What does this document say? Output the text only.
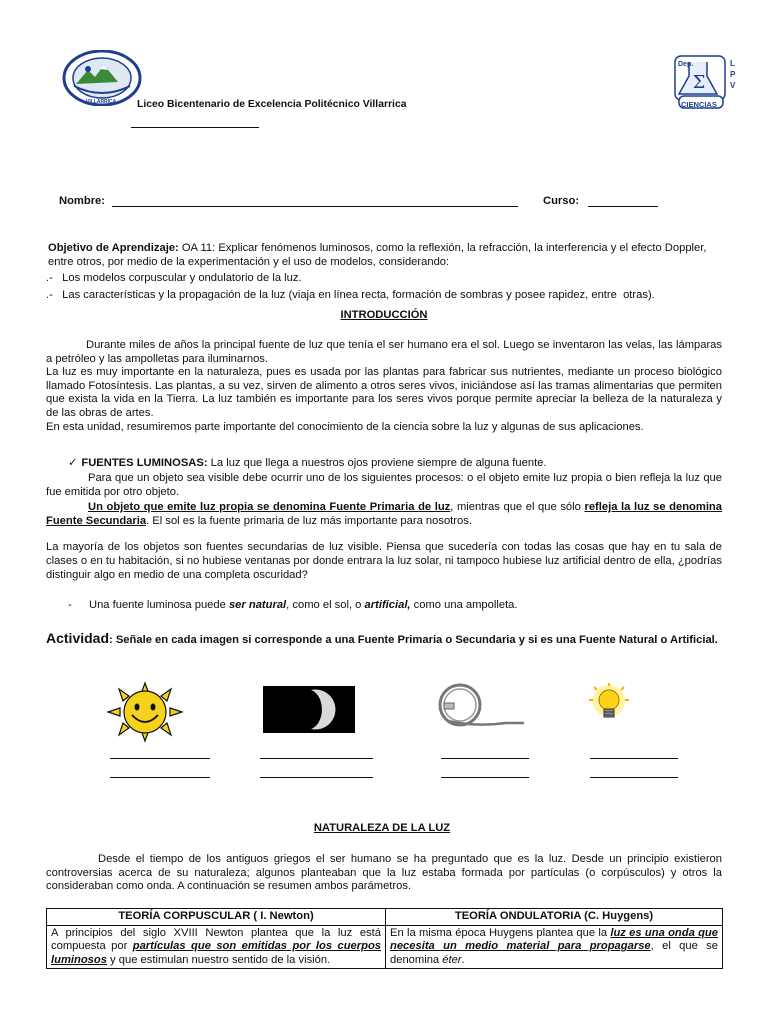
VILLARRICA Liceo Bicentenario de Excelencia Politécnico Villarrica
Σ
Dep.	LPV
CIENCIAS
Nombre:	Curso:
Objetivo de Aprendizaje: OA 11: Explicar fenómenos luminosos, como la reflexión, la refracción, la interferencia y el efecto Doppler, entre otros, por medio de la experimentación y el uso de modelos, considerando:
.-   Los modelos corpuscular y ondulatorio de la luz.
.-   Las características y la propagación de la luz (viaja en línea recta, formación de sombras y posee rapidez, entre  otras).
INTRODUCCIÓN
Durante miles de años la principal fuente de luz que tenía el ser humano era el sol. Luego se inventaron las velas, las lámparas a petróleo y las ampolletas para iluminarnos.
La luz es muy importante en la naturaleza, pues es usada por las plantas para fabricar sus nutrientes, mediante un proceso biológico llamado Fotosíntesis. Las plantas, a su vez, sirven de alimento a otros seres vivos, iniciándose así las tramas alimentarias que permiten que exista la vida en la Tierra. La luz también es importante para los seres vivos porque permite apreciar la belleza de la naturaleza y de las obras de artes.
En esta unidad, resumiremos parte importante del conocimiento de la ciencia sobre la luz y algunas de sus aplicaciones.
✓ FUENTES LUMINOSAS: La luz que llega a nuestros ojos proviene siempre de alguna fuente.
Para que un objeto sea visible debe ocurrir uno de los siguientes procesos: o el objeto emite luz propia o bien refleja la luz que fue emitida por otro objeto.
Un objeto que emite luz propia se denomina Fuente Primaria de luz, mientras que el que sólo refleja la luz se denomina Fuente Secundaria. El sol es la fuente primaria de luz más importante para nosotros.
La mayoría de los objetos son fuentes secundarias de luz visible. Piensa que sucedería con todas las cosas que hay en tu sala de clases o en tu habitación, si no hubiese ventanas por donde entrara la luz solar, ni tampoco hubiese luz artificial dentro de ella, ¿podrías distinguir algo en medio de una completa oscuridad?
- Una fuente luminosa puede ser natural, como el sol, o artificial, como una ampolleta.
Actividad: Señale en cada imagen si corresponde a una Fuente Primaria o Secundaria y si es una Fuente Natural o Artificial.
NATURALEZA DE LA LUZ
Desde el tiempo de los antiguos griegos el ser humano se ha preguntado que es la luz. Desde un principio existieron controversias acerca de su naturaleza; algunos planteaban que la luz estaba formada por partículas (o corpúsculos) y otros la consideraban como onda. A continuación se resumen ambos parámetros.
TEORÍA CORPUSCULAR ( I. Newton)	TEORÍA ONDULATORIA (C. Huygens)
A principios del siglo XVIII Newton plantea que la luz está compuesta por partículas que son emitidas por los cuerpos luminosos y que estimulan nuestro sentido de la visión.	En la misma época Huygens plantea que la luz es una onda que necesita un medio material para propagarse, el que se denomina éter.
